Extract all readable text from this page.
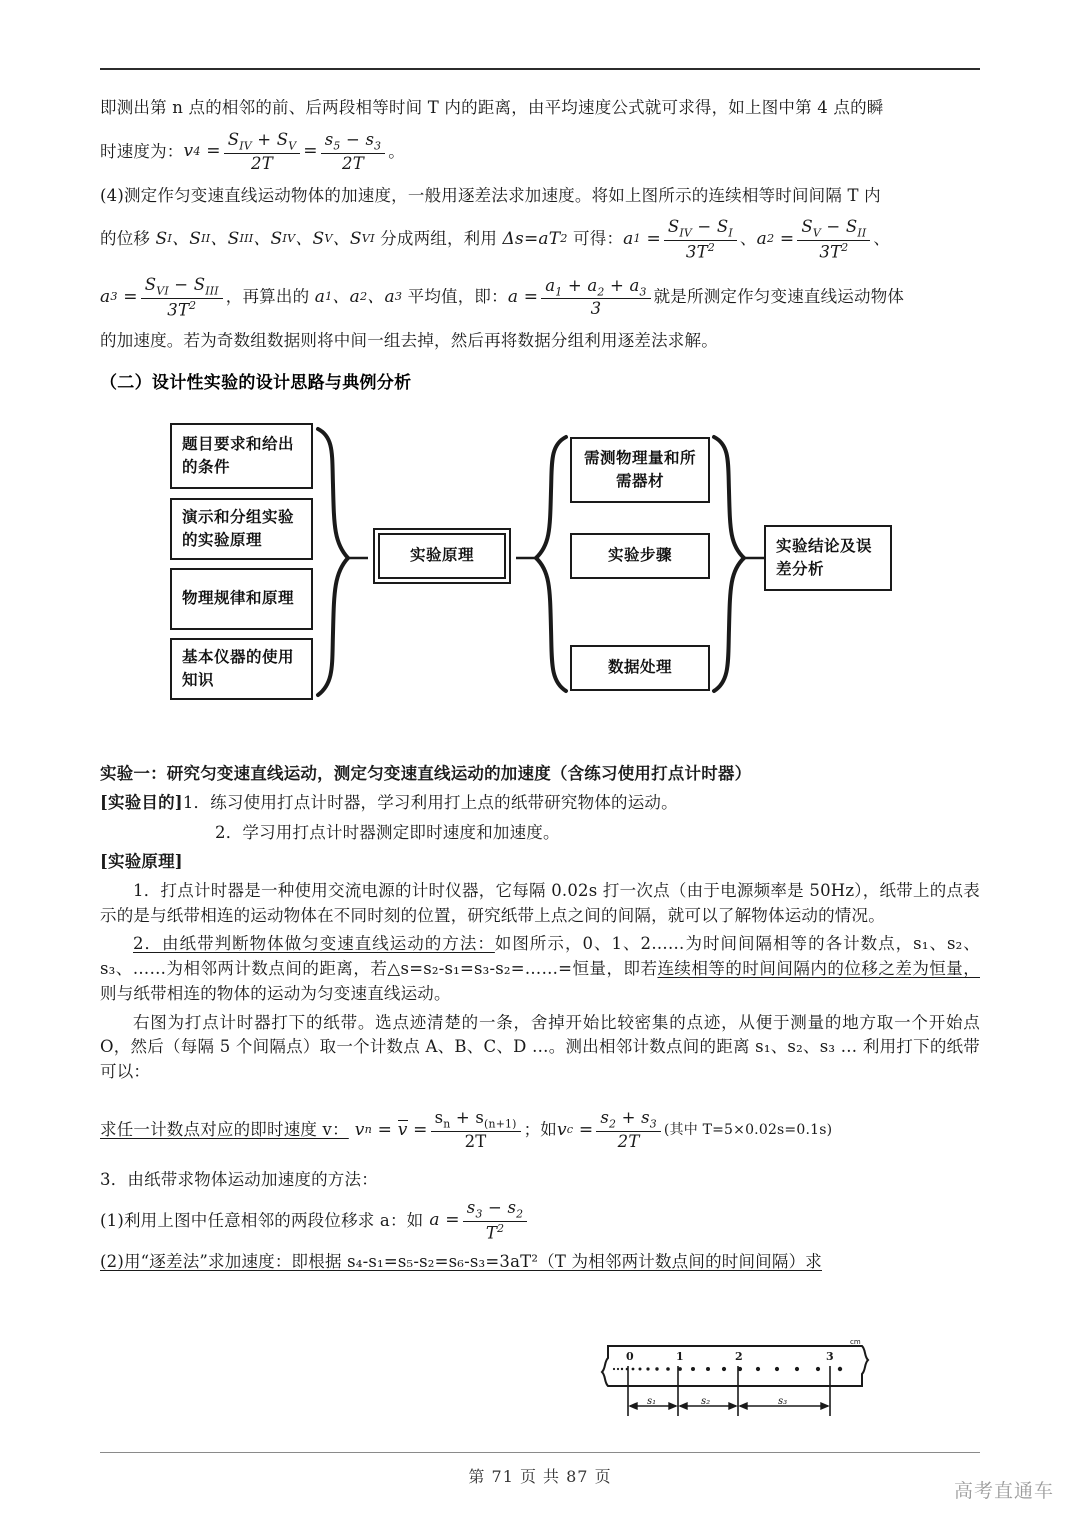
即测出第 n 点的相邻的前、后两段相等时间 T 内的距离，由平均速度公式就可求得，如上图中第 4 点的瞬

时速度为： v $4 = \frac{S_{IV} + S_V}{2T} = \frac{s_5 - s_3}{2T}$ 。

(4)测定作匀变速直线运动物体的加速度，一般用逐差法求加速度。将如上图所示的连续相等时间间隔 T 内

的位移 S I 、 S II 、 S III 、 S IV 、 S V 、 S VI 分成两组，利用 Δ s = aT 2 可得： a $1 = \frac{S_{IV} - S_I}{3T^2}$ 、 a $2 = \frac{S_V - S_{II}}{3T^2}$ 、

a $3 = \frac{S_{VI} - S_{III}}{3T^2}$ ，再算出的 a 1 、 a 2 、 a 3 平均值，即： $a = \frac{a_1 + a_2 + a_3}{3}$ 就是所测定作匀变速直线运动物体

的加速度。若为奇数组数据则将中间一组去掉，然后再将数据分组利用逐差法求解。

（二）设计性实验的设计思路与典例分析
题目要求和给出的条件
演示和分组实验的实验原理
物理规律和原理
基本仪器的使用知识
实验原理
需测物理量和所需器材
实验步骤
数据处理
实验结论及误差分析
实验一：研究匀变速直线运动，测定匀变速直线运动的加速度（含练习使用打点计时器）
[实验目的]1．练习使用打点计时器，学习利用打上点的纸带研究物体的运动。
2．学习用打点计时器测定即时速度和加速度。
[实验原理]
1．打点计时器是一种使用交流电源的计时仪器，它每隔 0.02s 打一次点（由于电源频率是 50Hz），纸带上的点表示的是与纸带相连的运动物体在不同时刻的位置，研究纸带上点之间的间隔，就可以了解物体运动的情况。
2．由纸带判断物体做匀变速直线运动的方法：如图所示，0、1、2……为时间间隔相等的各计数点，s₁、s₂、s₃、……为相邻两计数点间的距离，若△s=s₂-s₁=s₃-s₂=……=恒量，即若连续相等的时间间隔内的位移之差为恒量，则与纸带相连的物体的运动为匀变速直线运动。
右图为打点计时器打下的纸带。选点迹清楚的一条，舍掉开始比较密集的点迹，从便于测量的地方取一个开始点 O，然后（每隔 5 个间隔点）取一个计数点 A、B、C、D …。测出相邻计数点间的距离 s₁、s₂、s₃ … 利用打下的纸带可以：

求任一计数点对应的即时速度 v： v $n = v = \frac{s_n + s_{(n+1)}}{2T}$ ；如 v $c = \frac{s_2 + s_3}{2T}$ (其中 T=5×0.02s=0.1s)

3．由纸带求物体运动加速度的方法：

(1)利用上图中任意相邻的两段位移求 a：如 $a = \frac{s_3 - s_2}{T^2}$

(2)用“逐差法”求加速度：即根据 s₄-s₁=s₅-s₂=s₆-s₃=3aT²（T 为相邻两计数点间的时间间隔）求
cm
0	1	2	3
s₁	s₂	s₃
第 71 页 共 87 页
高考直通车
